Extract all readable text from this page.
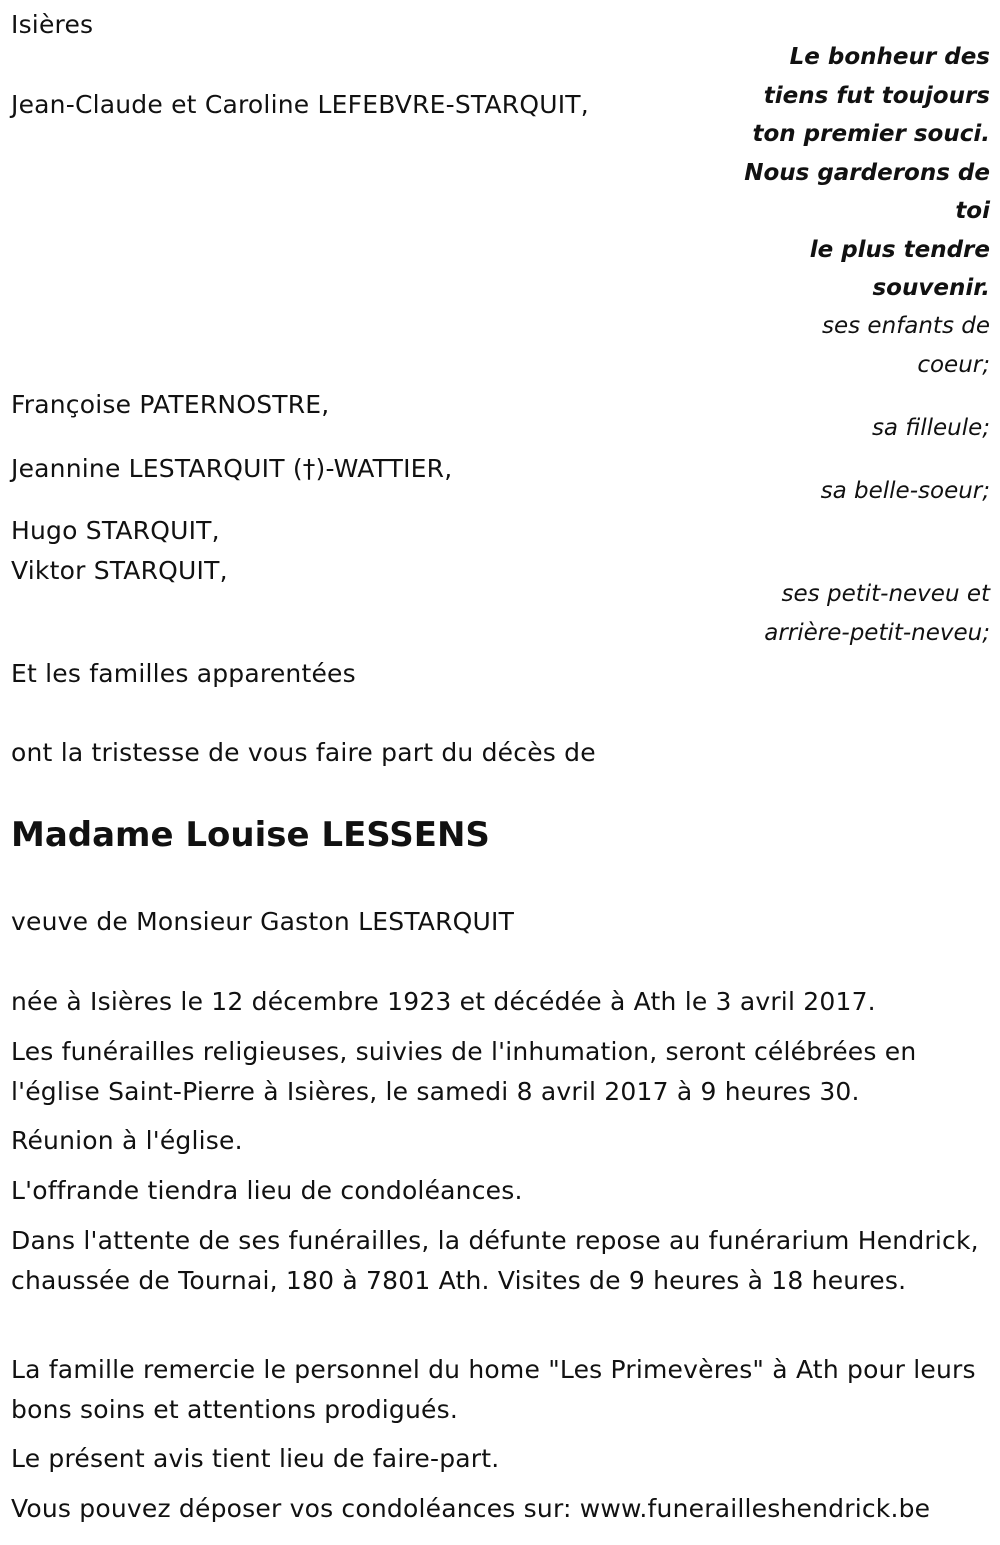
Isières
Le bonheur des
tiens fut toujours
ton premier souci.
Nous garderons de
toi
le plus tendre
souvenir.
Jean-Claude et Caroline LEFEBVRE-STARQUIT,
ses enfants de
coeur;
Françoise PATERNOSTRE,
sa filleule;
Jeannine LESTARQUIT (†)-WATTIER,
sa belle-soeur;
Hugo STARQUIT,
Viktor STARQUIT,
ses petit-neveu et
arrière-petit-neveu;
Et les familles apparentées
ont la tristesse de vous faire part du décès de
Madame Louise LESSENS
veuve de Monsieur Gaston LESTARQUIT
née à Isières le 12 décembre 1923 et décédée à Ath le 3 avril 2017.
Les funérailles religieuses, suivies de l'inhumation, seront célébrées en l'église Saint-Pierre à Isières, le samedi 8 avril 2017 à 9 heures 30.
Réunion à l'église.
L'offrande tiendra lieu de condoléances.
Dans l'attente de ses funérailles, la défunte repose au funérarium Hendrick, chaussée de Tournai, 180 à 7801 Ath. Visites de 9 heures à 18 heures.
La famille remercie le personnel du home "Les Primevères" à Ath pour leurs bons soins et attentions prodigués.
Le présent avis tient lieu de faire-part.
Vous pouvez déposer vos condoléances sur: www.funerailleshendrick.be
